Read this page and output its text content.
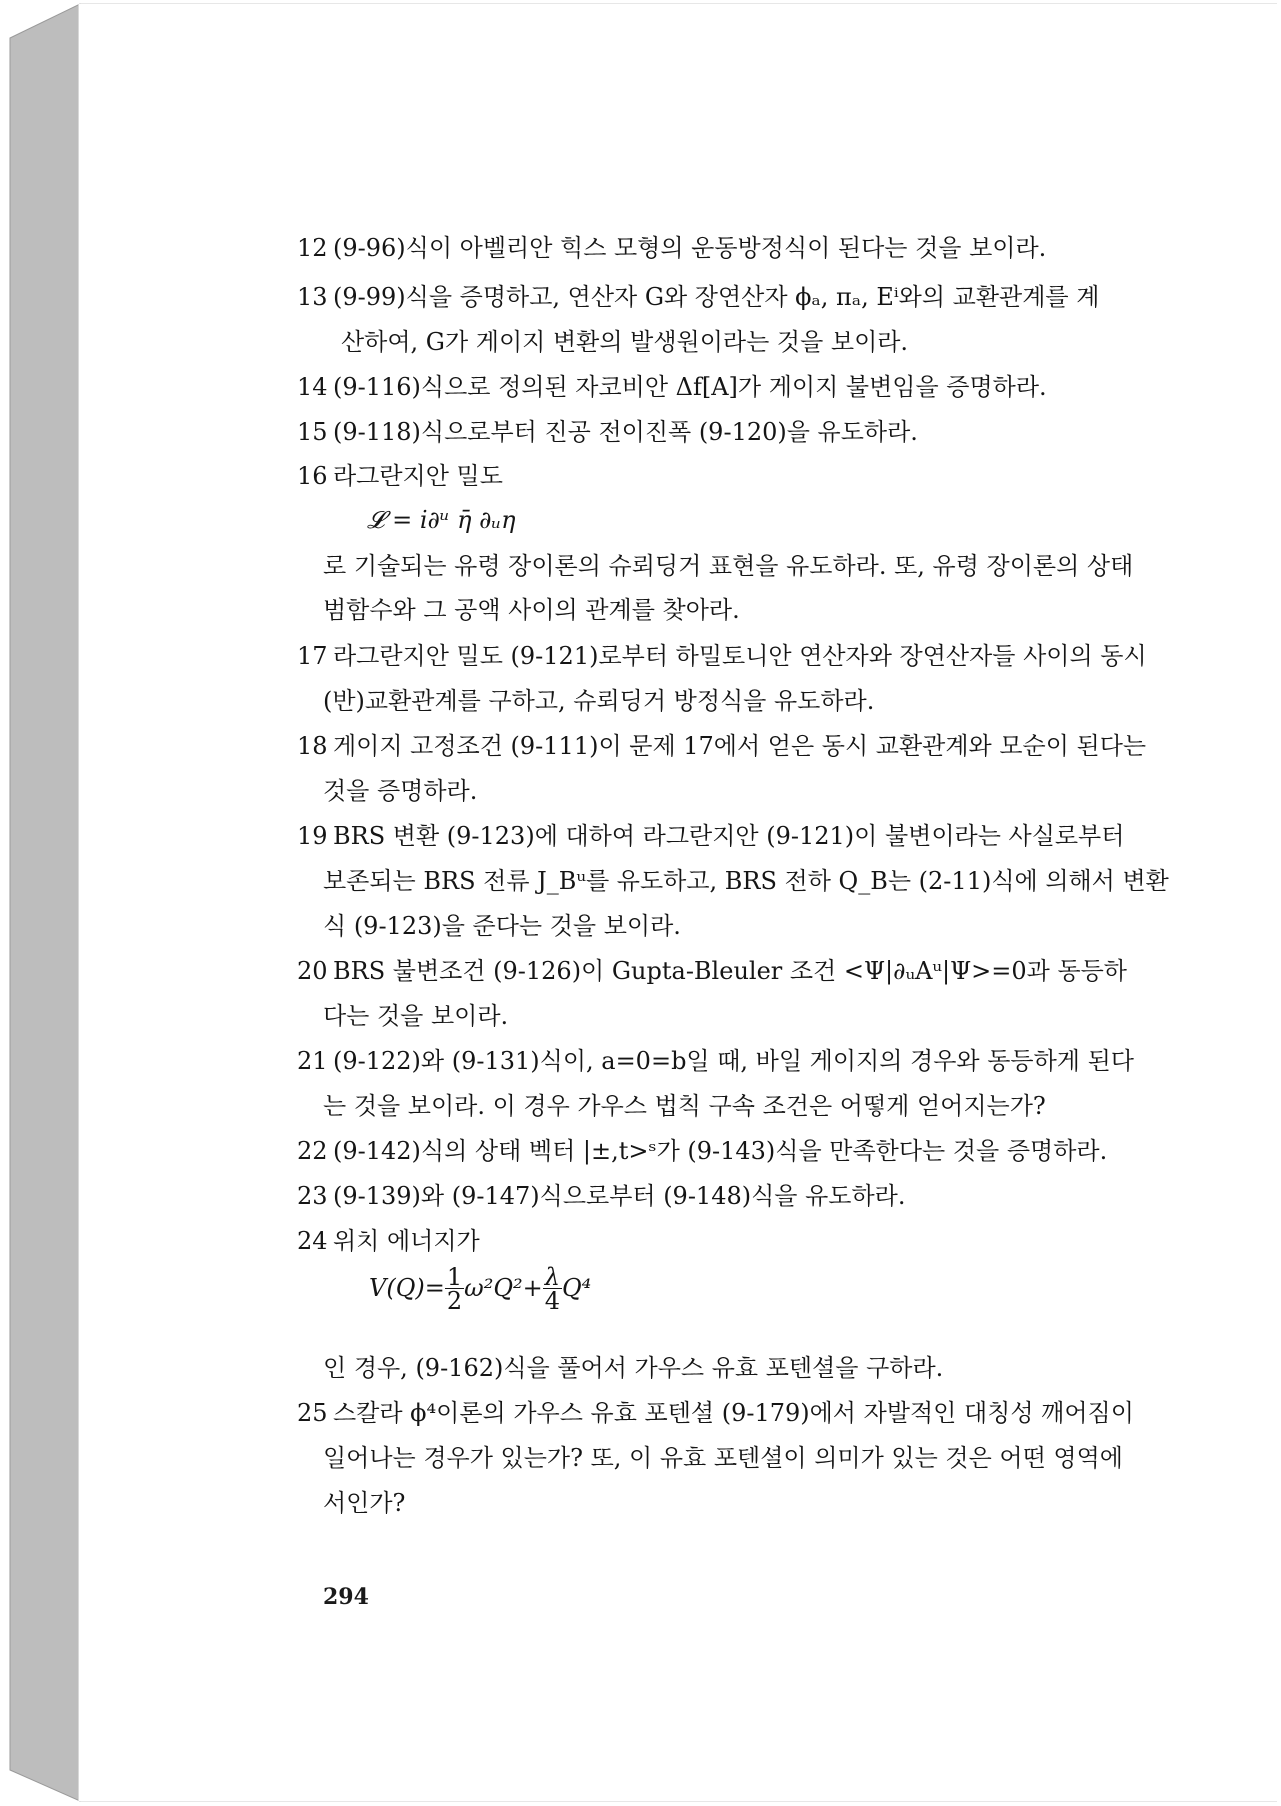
12 (9-96)식이 아벨리안 힉스 모형의 운동방정식이 된다는 것을 보이라.
13 (9-99)식을 증명하고, 연산자 G와 장연산자 ϕₐ, πₐ, Eⁱ와의 교환관계를 계
산하여, G가 게이지 변환의 발생원이라는 것을 보이라.
14 (9-116)식으로 정의된 자코비안 Δf[A]가 게이지 불변임을 증명하라.
15 (9-118)식으로부터 진공 전이진폭 (9-120)을 유도하라.
16 라그란지안 밀도
𝓛 = i∂ᵘ η̄ ∂ᵤη
로 기술되는 유령 장이론의 슈뢰딩거 표현을 유도하라. 또, 유령 장이론의 상태
범함수와 그 공액 사이의 관계를 찾아라.
17 라그란지안 밀도 (9-121)로부터 하밀토니안 연산자와 장연산자들 사이의 동시
(반)교환관계를 구하고, 슈뢰딩거 방정식을 유도하라.
18 게이지 고정조건 (9-111)이 문제 17에서 얻은 동시 교환관계와 모순이 된다는
것을 증명하라.
19 BRS 변환 (9-123)에 대하여 라그란지안 (9-121)이 불변이라는 사실로부터
보존되는 BRS 전류 J_Bᵘ를 유도하고, BRS 전하 Q_B는 (2-11)식에 의해서 변환
식 (9-123)을 준다는 것을 보이라.
20 BRS 불변조건 (9-126)이 Gupta-Bleuler 조건 <Ψ|∂ᵤAᵘ|Ψ>=0과 동등하
다는 것을 보이라.
21 (9-122)와 (9-131)식이, a=0=b일 때, 바일 게이지의 경우와 동등하게 된다
는 것을 보이라. 이 경우 가우스 법칙 구속 조건은 어떻게 얻어지는가?
22 (9-142)식의 상태 벡터 |±,t>ˢ가 (9-143)식을 만족한다는 것을 증명하라.
23 (9-139)와 (9-147)식으로부터 (9-148)식을 유도하라.
24 위치 에너지가
$V(Q)= \frac{1}{2} \omega^2Q^2+ \frac{\lambda}{4} Q^4$
인 경우, (9-162)식을 풀어서 가우스 유효 포텐셜을 구하라.
25 스칼라 ϕ⁴이론의 가우스 유효 포텐셜 (9-179)에서 자발적인 대칭성 깨어짐이
일어나는 경우가 있는가? 또, 이 유효 포텐셜이 의미가 있는 것은 어떤 영역에
서인가?
294
